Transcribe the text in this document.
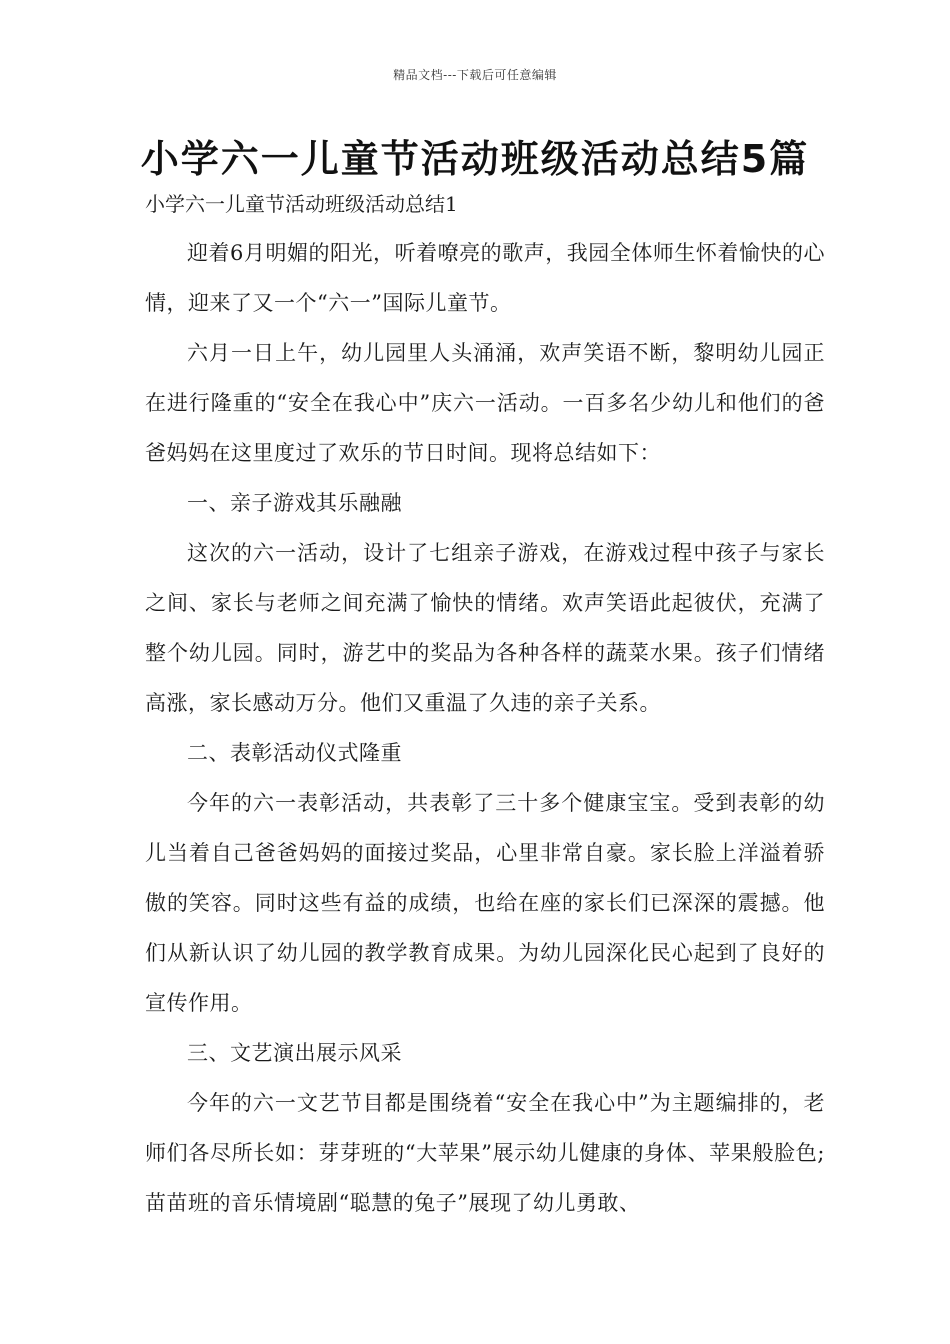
精品文档---下载后可任意编辑
小学六一儿童节活动班级活动总结5篇
小学六一儿童节活动班级活动总结1

迎着6月明媚的阳光，听着嘹亮的歌声，我园全体师生怀着愉快的心情，迎来了又一个“六一”国际儿童节。

六月一日上午，幼儿园里人头涌涌，欢声笑语不断，黎明幼儿园正在进行隆重的“安全在我心中”庆六一活动。一百多名少幼儿和他们的爸爸妈妈在这里度过了欢乐的节日时间。现将总结如下：

一、亲子游戏其乐融融

这次的六一活动，设计了七组亲子游戏，在游戏过程中孩子与家长之间、家长与老师之间充满了愉快的情绪。欢声笑语此起彼伏，充满了整个幼儿园。同时，游艺中的奖品为各种各样的蔬菜水果。孩子们情绪高涨，家长感动万分。他们又重温了久违的亲子关系。

二、表彰活动仪式隆重

今年的六一表彰活动，共表彰了三十多个健康宝宝。受到表彰的幼儿当着自己爸爸妈妈的面接过奖品，心里非常自豪。家长脸上洋溢着骄傲的笑容。同时这些有益的成绩，也给在座的家长们已深深的震撼。他们从新认识了幼儿园的教学教育成果。为幼儿园深化民心起到了良好的宣传作用。

三、文艺演出展示风采

今年的六一文艺节目都是围绕着“安全在我心中”为主题编排的，老师们各尽所长如：芽芽班的“大苹果”展示幼儿健康的身体、苹果般脸色;苗苗班的音乐情境剧“聪慧的兔子”展现了幼儿勇敢、
